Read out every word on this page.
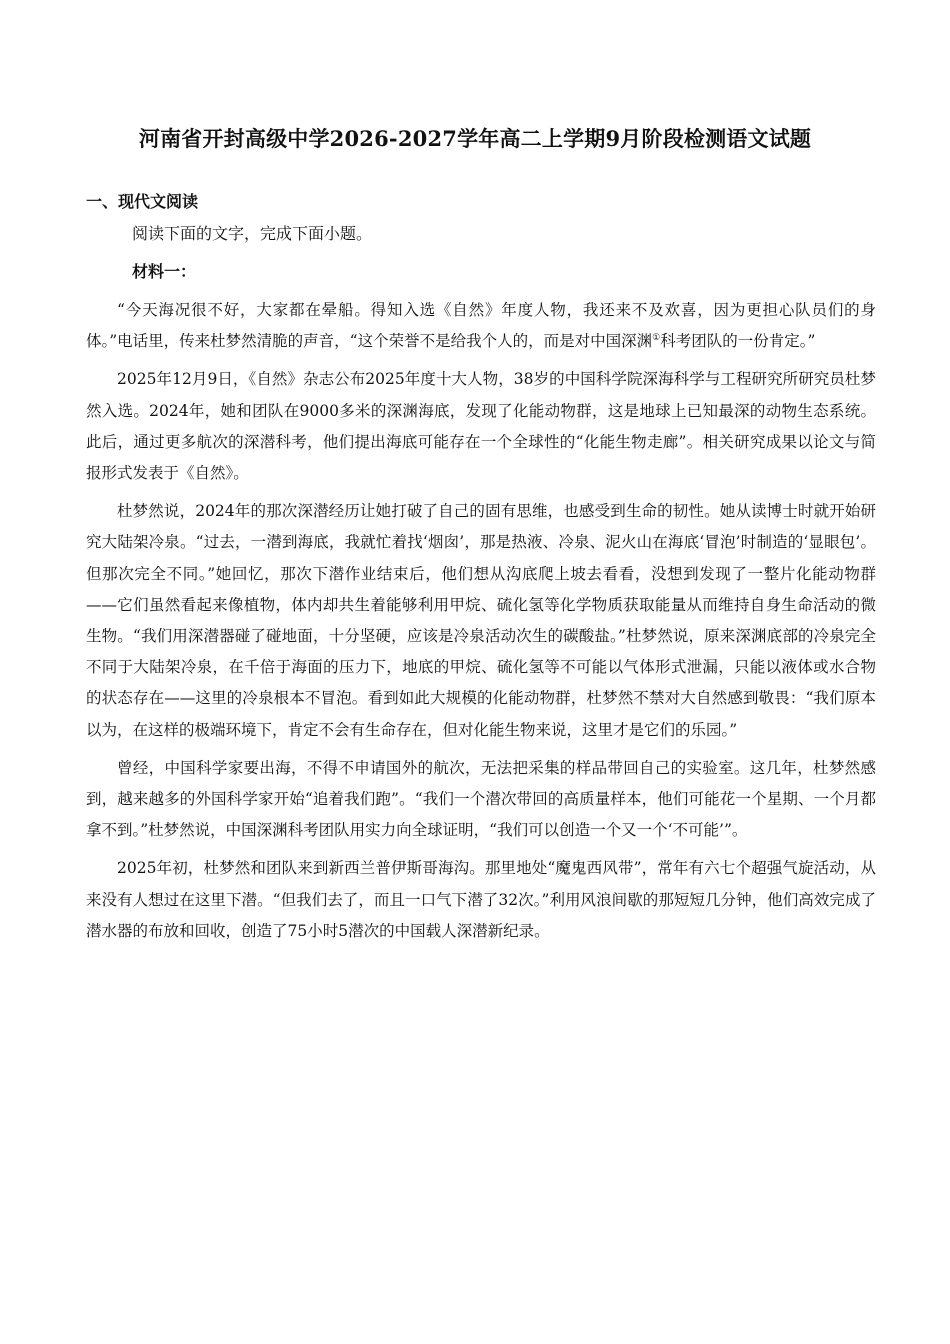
河南省开封高级中学2026-2027学年高二上学期9月阶段检测语文试题
一、现代文阅读
阅读下面的文字，完成下面小题。
材料一：

“今天海况很不好，大家都在晕船。得知入选《自然》年度人物，我还来不及欢喜，因为更担心队员们的身体。”电话里，传来杜梦然清脆的声音，“这个荣誉不是给我个人的，而是对中国深渊①科考团队的一份肯定。”

2025年12月9日，《自然》杂志公布2025年度十大人物，38岁的中国科学院深海科学与工程研究所研究员杜梦然入选。2024年，她和团队在9000多米的深渊海底，发现了化能动物群，这是地球上已知最深的动物生态系统。此后，通过更多航次的深潜科考，他们提出海底可能存在一个全球性的“化能生物走廊”。相关研究成果以论文与简报形式发表于《自然》。

杜梦然说，2024年的那次深潜经历让她打破了自己的固有思维，也感受到生命的韧性。她从读博士时就开始研究大陆架冷泉。“过去，一潜到海底，我就忙着找‘烟囱’，那是热液、冷泉、泥火山在海底‘冒泡’时制造的‘显眼包’。但那次完全不同。”她回忆，那次下潜作业结束后，他们想从沟底爬上坡去看看，没想到发现了一整片化能动物群——它们虽然看起来像植物，体内却共生着能够利用甲烷、硫化氢等化学物质获取能量从而维持自身生命活动的微生物。“我们用深潜器碰了碰地面，十分坚硬，应该是冷泉活动次生的碳酸盐。”杜梦然说，原来深渊底部的冷泉完全不同于大陆架冷泉，在千倍于海面的压力下，地底的甲烷、硫化氢等不可能以气体形式泄漏，只能以液体或水合物的状态存在——这里的冷泉根本不冒泡。看到如此大规模的化能动物群，杜梦然不禁对大自然感到敬畏：“我们原本以为，在这样的极端环境下，肯定不会有生命存在，但对化能生物来说，这里才是它们的乐园。”

曾经，中国科学家要出海，不得不申请国外的航次，无法把采集的样品带回自己的实验室。这几年，杜梦然感到，越来越多的外国科学家开始“追着我们跑”。“我们一个潜次带回的高质量样本，他们可能花一个星期、一个月都拿不到。”杜梦然说，中国深渊科考团队用实力向全球证明，“我们可以创造一个又一个‘不可能’”。

2025年初，杜梦然和团队来到新西兰普伊斯哥海沟。那里地处“魔鬼西风带”，常年有六七个超强气旋活动，从来没有人想过在这里下潜。“但我们去了，而且一口气下潜了32次。”利用风浪间歇的那短短几分钟，他们高效完成了潜水器的布放和回收，创造了75小时5潜次的中国载人深潜新纪录。
